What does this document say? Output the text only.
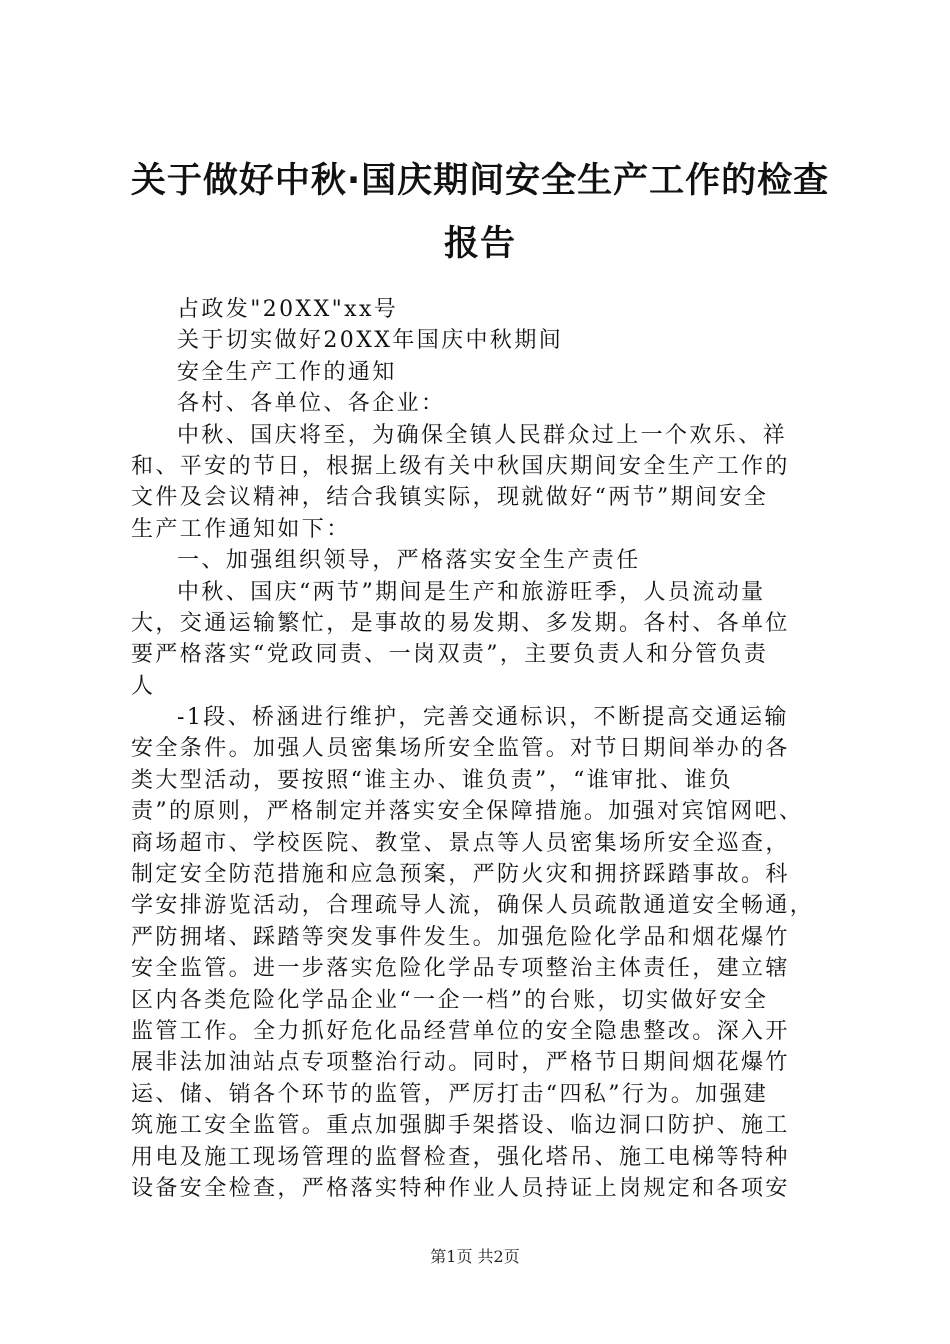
关于做好中秋·国庆期间安全生产工作的检查
报告
占政发"20XX"xx号
关于切实做好20XX年国庆中秋期间
安全生产工作的通知
各村、各单位、各企业：
中秋、国庆将至，为确保全镇人民群众过上一个欢乐、祥
和、平安的节日，根据上级有关中秋国庆期间安全生产工作的
文件及会议精神，结合我镇实际，现就做好“两节”期间安全
生产工作通知如下：
一、加强组织领导，严格落实安全生产责任
中秋、国庆“两节”期间是生产和旅游旺季，人员流动量
大，交通运输繁忙，是事故的易发期、多发期。各村、各单位
要严格落实“党政同责、一岗双责”，主要负责人和分管负责
人
-1段、桥涵进行维护，完善交通标识，不断提高交通运输
安全条件。加强人员密集场所安全监管。对节日期间举办的各
类大型活动，要按照“谁主办、谁负责”，“谁审批、谁负
责”的原则，严格制定并落实安全保障措施。加强对宾馆网吧、
商场超市、学校医院、教堂、景点等人员密集场所安全巡查，
制定安全防范措施和应急预案，严防火灾和拥挤踩踏事故。科
学安排游览活动，合理疏导人流，确保人员疏散通道安全畅通，
严防拥堵、踩踏等突发事件发生。加强危险化学品和烟花爆竹
安全监管。进一步落实危险化学品专项整治主体责任，建立辖
区内各类危险化学品企业“一企一档”的台账，切实做好安全
监管工作。全力抓好危化品经营单位的安全隐患整改。深入开
展非法加油站点专项整治行动。同时，严格节日期间烟花爆竹
运、储、销各个环节的监管，严厉打击“四私”行为。加强建
筑施工安全监管。重点加强脚手架搭设、临边洞口防护、施工
用电及施工现场管理的监督检查，强化塔吊、施工电梯等特种
设备安全检查，严格落实特种作业人员持证上岗规定和各项安
第1页 共2页
